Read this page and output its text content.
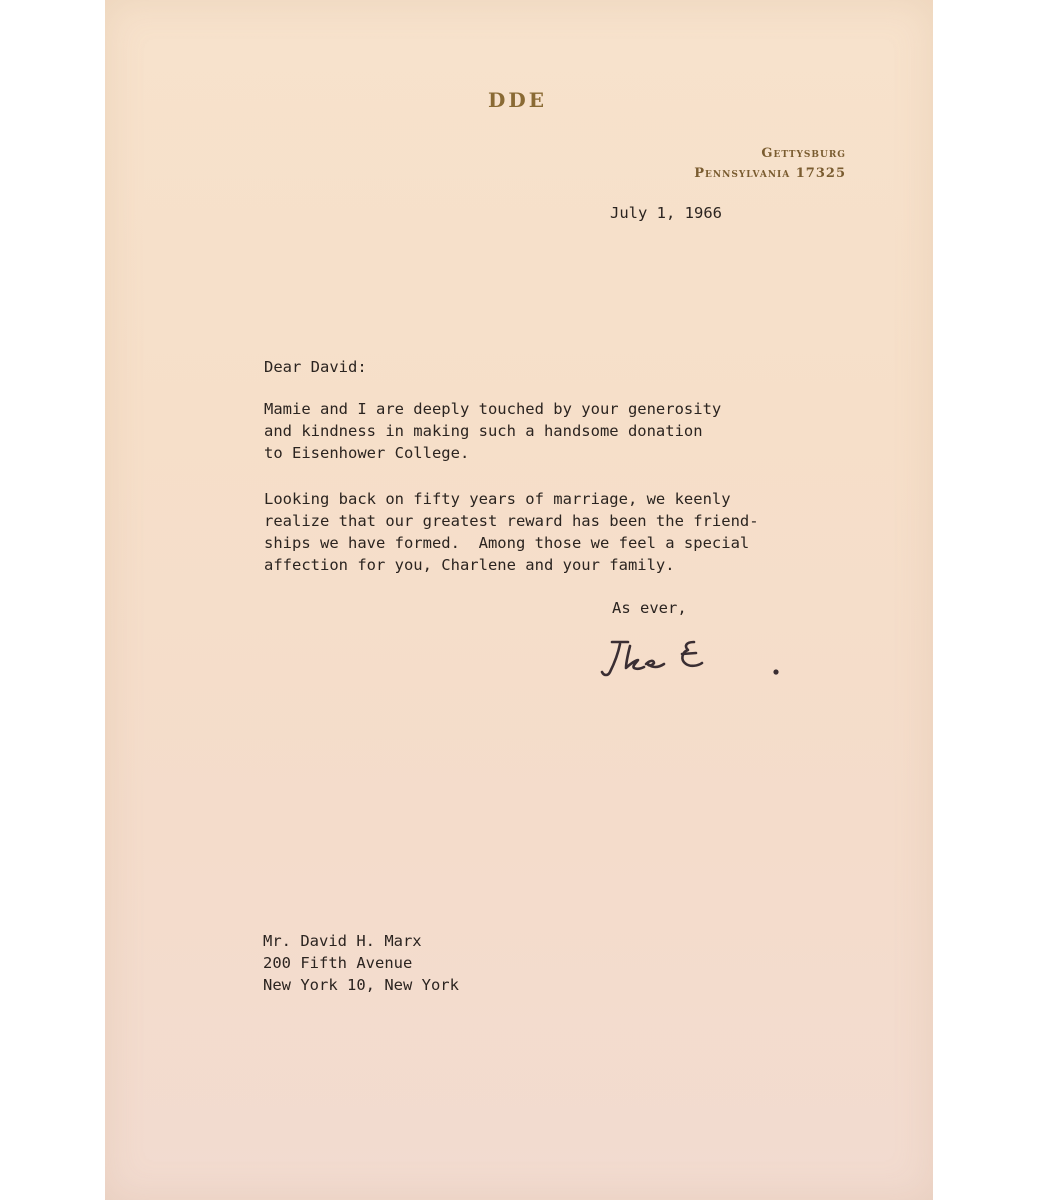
DDE
Gettysburg
Pennsylvania 17325
July 1, 1966
Dear David:
Mamie and I are deeply touched by your generosity
and kindness in making such a handsome donation
to Eisenhower College.
Looking back on fifty years of marriage, we keenly
realize that our greatest reward has been the friend-
ships we have formed.  Among those we feel a special
affection for you, Charlene and your family.
As ever,
Mr. David H. Marx
200 Fifth Avenue
New York 10, New York
